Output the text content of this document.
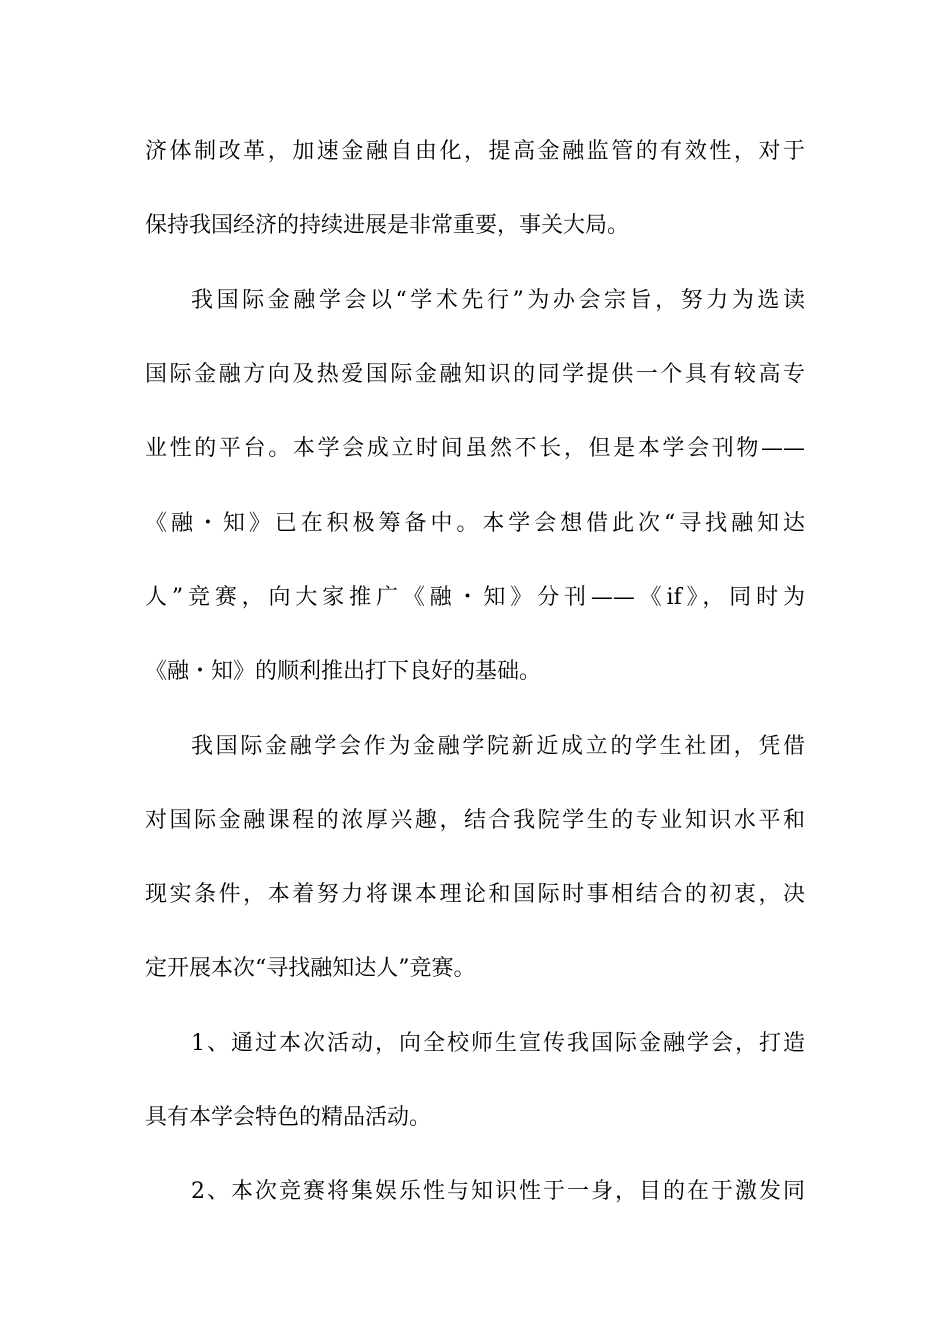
济体制改革，加速金融自由化，提高金融监管的有效性，对于
保持我国经济的持续进展是非常重要，事关大局。
我国际金融学会以“学术先行”为办会宗旨，努力为选读
国际金融方向及热爱国际金融知识的同学提供一个具有较高专
业性的平台。本学会成立时间虽然不长，但是本学会刊物——
《融・知》已在积极筹备中。本学会想借此次“寻找融知达
人”竞赛，向大家推广《融・知》分刊——《if》，同时为
《融・知》的顺利推出打下良好的基础。
我国际金融学会作为金融学院新近成立的学生社团，凭借
对国际金融课程的浓厚兴趣，结合我院学生的专业知识水平和
现实条件，本着努力将课本理论和国际时事相结合的初衷，决
定开展本次“寻找融知达人”竞赛。
1、通过本次活动，向全校师生宣传我国际金融学会，打造
具有本学会特色的精品活动。
2、本次竞赛将集娱乐性与知识性于一身，目的在于激发同
